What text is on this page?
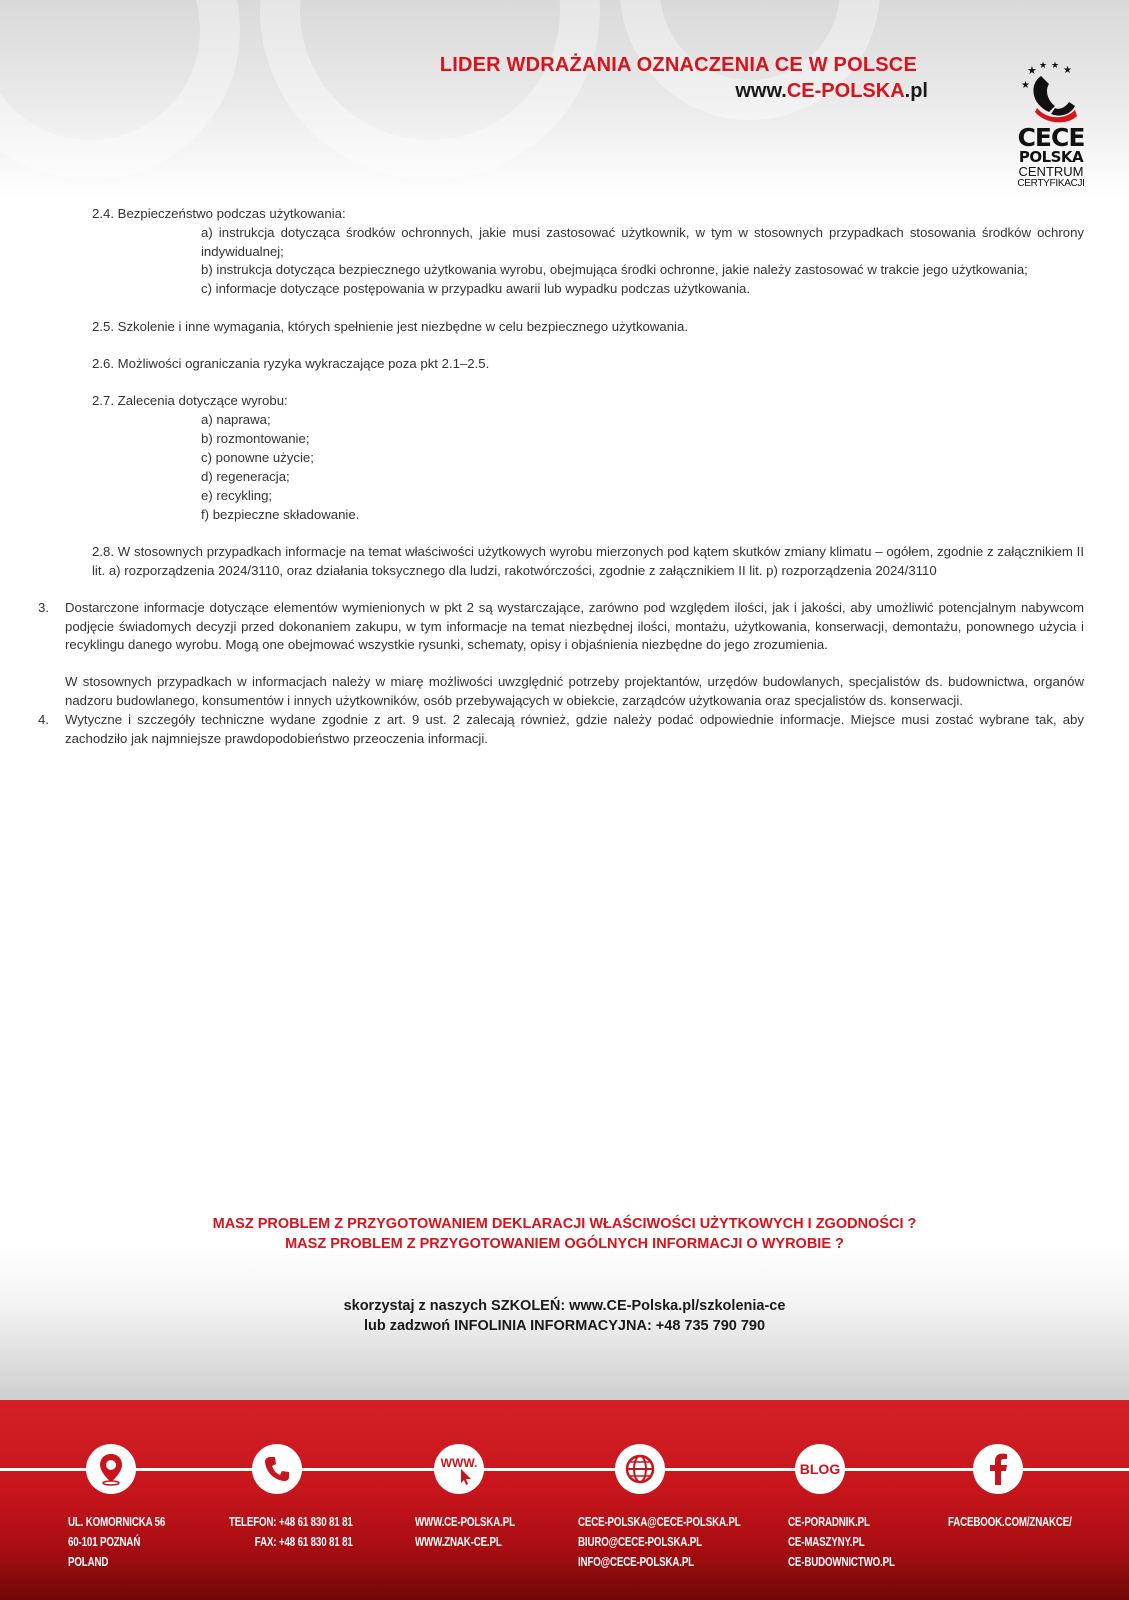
LIDER WDRAŻANIA OZNACZENIA CE W POLSCE
www.CE-POLSKA.pl
★ ★ ★ ★
★
CECE
POLSKA
CENTRUM
CERTYFIKACJI
2.4. Bezpieczeństwo podczas użytkowania:
a) instrukcja dotycząca środków ochronnych, jakie musi zastosować użytkownik, w tym w stosownych przypadkach stosowania środków ochrony indywidualnej;
b) instrukcja dotycząca bezpiecznego użytkowania wyrobu, obejmująca środki ochronne, jakie należy zastosować w trakcie jego użytkowania;
c) informacje dotyczące postępowania w przypadku awarii lub wypadku podczas użytkowania.
2.5. Szkolenie i inne wymagania, których spełnienie jest niezbędne w celu bezpiecznego użytkowania.
2.6. Możliwości ograniczania ryzyka wykraczające poza pkt 2.1–2.5.
2.7. Zalecenia dotyczące wyrobu:
a) naprawa;
b) rozmontowanie;
c) ponowne użycie;
d) regeneracja;
e) recykling;
f) bezpieczne składowanie.
2.8. W stosownych przypadkach informacje na temat właściwości użytkowych wyrobu mierzonych pod kątem skutków zmiany klimatu – ogółem, zgodnie z załącznikiem II lit. a) rozporządzenia 2024/3110, oraz działania toksycznego dla ludzi, rakotwórczości, zgodnie z załącznikiem II lit. p) rozporządzenia 2024/3110
3. Dostarczone informacje dotyczące elementów wymienionych w pkt 2 są wystarczające, zarówno pod względem ilości, jak i jakości, aby umożliwić potencjalnym nabywcom podjęcie świadomych decyzji przed dokonaniem zakupu, w tym informacje na temat niezbędnej ilości, montażu, użytkowania, konserwacji, demontażu, ponownego użycia i recyklingu danego wyrobu. Mogą one obejmować wszystkie rysunki, schematy, opisy i objaśnienia niezbędne do jego zrozumienia.
W stosownych przypadkach w informacjach należy w miarę możliwości uwzględnić potrzeby projektantów, urzędów budowlanych, specjalistów ds. budownictwa, organów nadzoru budowlanego, konsumentów i innych użytkowników, osób przebywających w obiekcie, zarządców użytkowania oraz specjalistów ds. konserwacji.
4. Wytyczne i szczegóły techniczne wydane zgodnie z art. 9 ust. 2 zalecają również, gdzie należy podać odpowiednie informacje. Miejsce musi zostać wybrane tak, aby zachodziło jak najmniejsze prawdopodobieństwo przeoczenia informacji.
MASZ PROBLEM Z PRZYGOTOWANIEM DEKLARACJI WŁAŚCIWOŚCI UŻYTKOWYCH I ZGODNOŚCI ?
MASZ PROBLEM Z PRZYGOTOWANIEM OGÓLNYCH INFORMACJI O WYROBIE ?
skorzystaj z naszych SZKOLEŃ: www.CE-Polska.pl/szkolenia-ce
lub zadzwoń INFOLINIA INFORMACYJNA: +48 735 790 790
WWW.	BLOG
UL. KOMORNICKA 56
60-101 POZNAŃ
POLAND
TELEFON: +48 61 830 81 81
FAX: +48 61 830 81 81
WWW.CE-POLSKA.PL
WWW.ZNAK-CE.PL
CECE-POLSKA@CECE-POLSKA.PL
BIURO@CECE-POLSKA.PL
INFO@CECE-POLSKA.PL
CE-PORADNIK.PL
CE-MASZYNY.PL
CE-BUDOWNICTWO.PL
FACEBOOK.COM/ZNAKCE/
